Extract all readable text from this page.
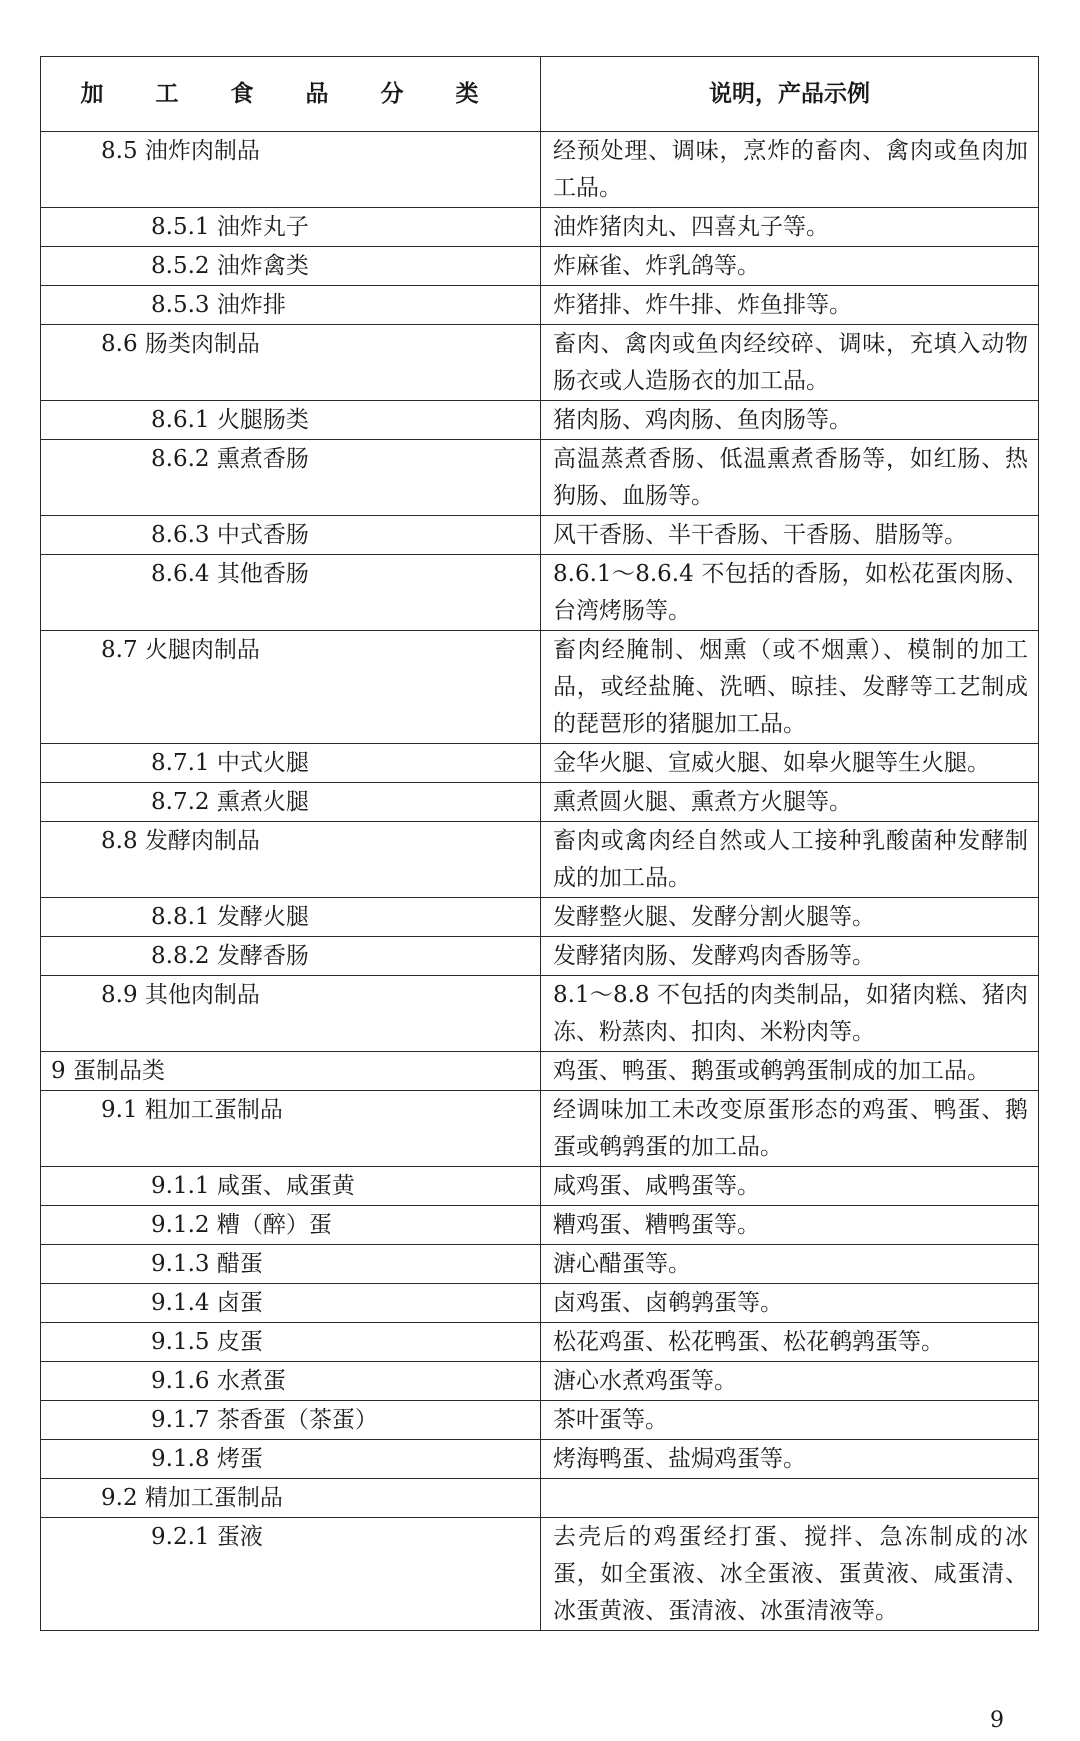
加 工 食 品 分 类	说明，产品示例
8.5 油炸肉制品	经预处理、调味，烹炸的畜肉、禽肉或鱼肉加工品。
8.5.1 油炸丸子	油炸猪肉丸、四喜丸子等。
8.5.2 油炸禽类	炸麻雀、炸乳鸽等。
8.5.3 油炸排	炸猪排、炸牛排、炸鱼排等。
8.6 肠类肉制品	畜肉、禽肉或鱼肉经绞碎、调味，充填入动物肠衣或人造肠衣的加工品。
8.6.1 火腿肠类	猪肉肠、鸡肉肠、鱼肉肠等。
8.6.2 熏煮香肠	高温蒸煮香肠、低温熏煮香肠等，如红肠、热狗肠、血肠等。
8.6.3 中式香肠	风干香肠、半干香肠、干香肠、腊肠等。
8.6.4 其他香肠	8.6.1～8.6.4 不包括的香肠，如松花蛋肉肠、台湾烤肠等。
8.7 火腿肉制品	畜肉经腌制、烟熏（或不烟熏）、模制的加工品，或经盐腌、洗晒、晾挂、发酵等工艺制成的琵琶形的猪腿加工品。
8.7.1 中式火腿	金华火腿、宣威火腿、如皋火腿等生火腿。
8.7.2 熏煮火腿	熏煮圆火腿、熏煮方火腿等。
8.8 发酵肉制品	畜肉或禽肉经自然或人工接种乳酸菌种发酵制成的加工品。
8.8.1 发酵火腿	发酵整火腿、发酵分割火腿等。
8.8.2 发酵香肠	发酵猪肉肠、发酵鸡肉香肠等。
8.9 其他肉制品	8.1～8.8 不包括的肉类制品，如猪肉糕、猪肉冻、粉蒸肉、扣肉、米粉肉等。
9 蛋制品类	鸡蛋、鸭蛋、鹅蛋或鹌鹑蛋制成的加工品。
9.1 粗加工蛋制品	经调味加工未改变原蛋形态的鸡蛋、鸭蛋、鹅蛋或鹌鹑蛋的加工品。
9.1.1 咸蛋、咸蛋黄	咸鸡蛋、咸鸭蛋等。
9.1.2 糟（醉）蛋	糟鸡蛋、糟鸭蛋等。
9.1.3 醋蛋	溏心醋蛋等。
9.1.4 卤蛋	卤鸡蛋、卤鹌鹑蛋等。
9.1.5 皮蛋	松花鸡蛋、松花鸭蛋、松花鹌鹑蛋等。
9.1.6 水煮蛋	溏心水煮鸡蛋等。
9.1.7 茶香蛋（茶蛋）	茶叶蛋等。
9.1.8 烤蛋	烤海鸭蛋、盐焗鸡蛋等。
9.2 精加工蛋制品	
9.2.1 蛋液	去壳后的鸡蛋经打蛋、搅拌、急冻制成的冰蛋，如全蛋液、冰全蛋液、蛋黄液、咸蛋清、冰蛋黄液、蛋清液、冰蛋清液等。
9
